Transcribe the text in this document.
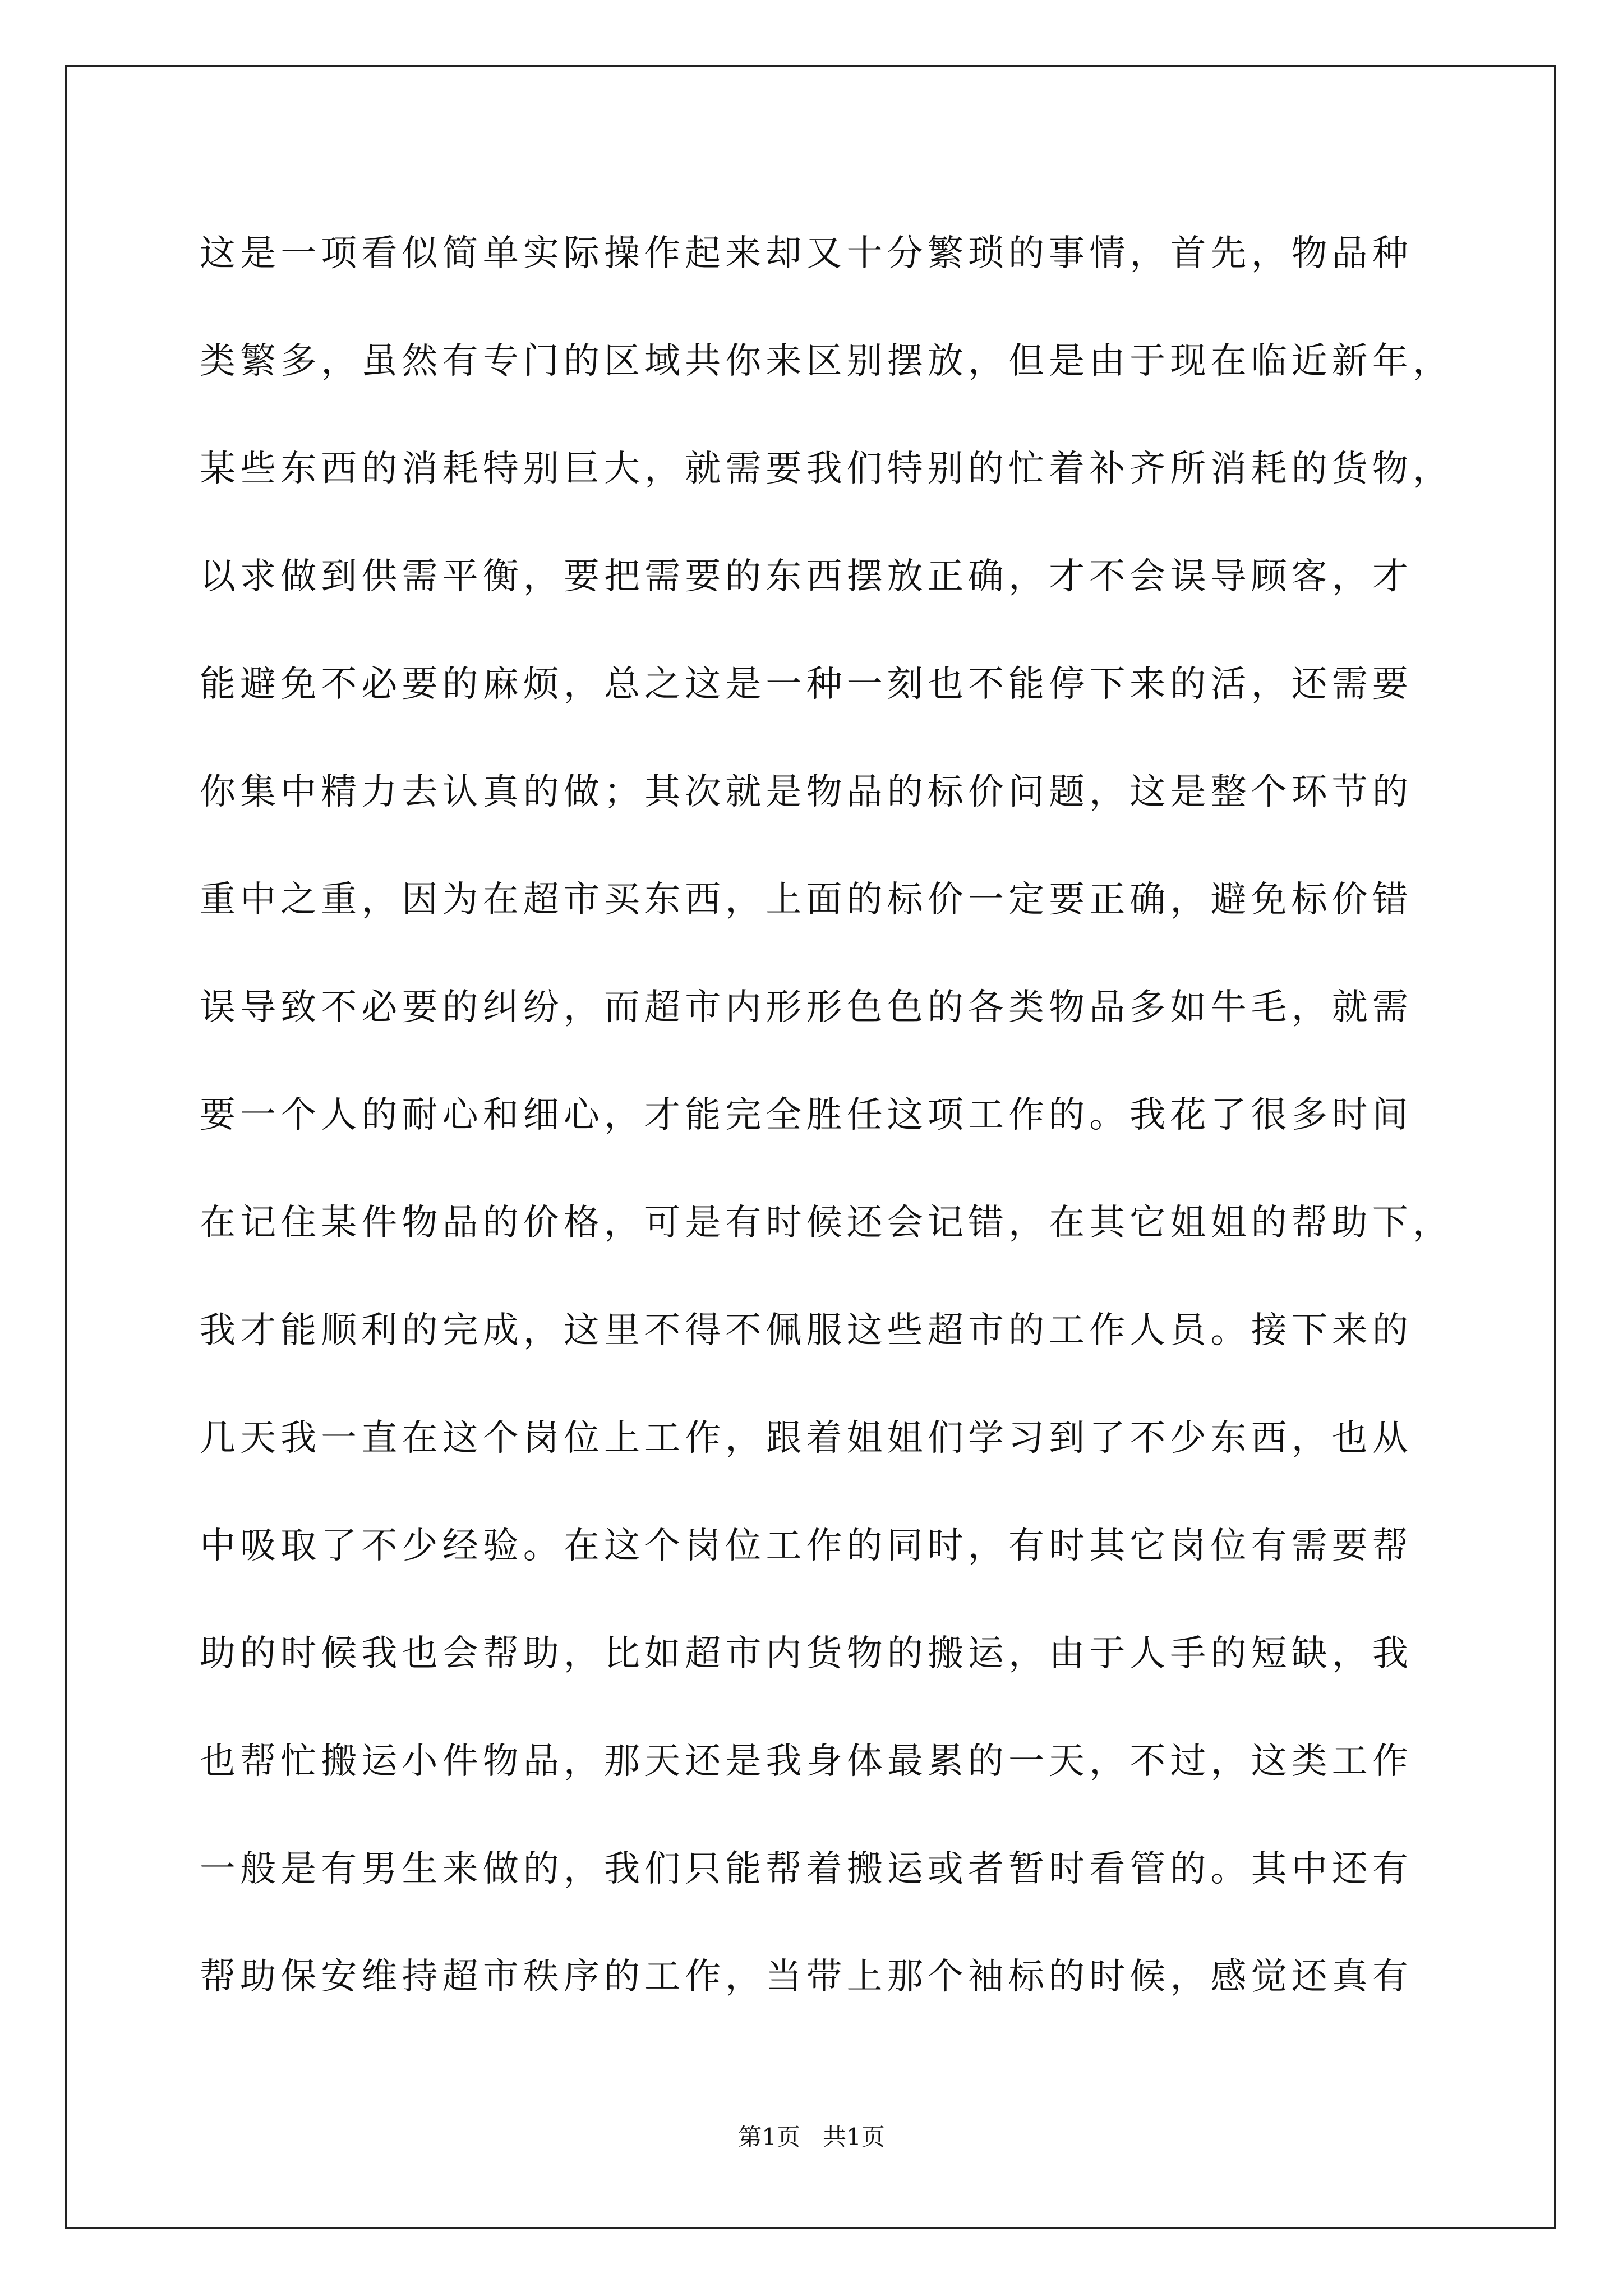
这是一项看似简单实际操作起来却又十分繁琐的事情，首先，物品种
类繁多，虽然有专门的区域共你来区别摆放，但是由于现在临近新年，
某些东西的消耗特别巨大，就需要我们特别的忙着补齐所消耗的货物，
以求做到供需平衡，要把需要的东西摆放正确，才不会误导顾客，才
能避免不必要的麻烦，总之这是一种一刻也不能停下来的活，还需要
你集中精力去认真的做；其次就是物品的标价问题，这是整个环节的
重中之重，因为在超市买东西，上面的标价一定要正确，避免标价错
误导致不必要的纠纷，而超市内形形色色的各类物品多如牛毛，就需
要一个人的耐心和细心，才能完全胜任这项工作的。我花了很多时间
在记住某件物品的价格，可是有时候还会记错，在其它姐姐的帮助下，
我才能顺利的完成，这里不得不佩服这些超市的工作人员。接下来的
几天我一直在这个岗位上工作，跟着姐姐们学习到了不少东西，也从
中吸取了不少经验。在这个岗位工作的同时，有时其它岗位有需要帮
助的时候我也会帮助，比如超市内货物的搬运，由于人手的短缺，我
也帮忙搬运小件物品，那天还是我身体最累的一天，不过，这类工作
一般是有男生来做的，我们只能帮着搬运或者暂时看管的。其中还有
帮助保安维持超市秩序的工作，当带上那个袖标的时候，感觉还真有
第1页   共1页
